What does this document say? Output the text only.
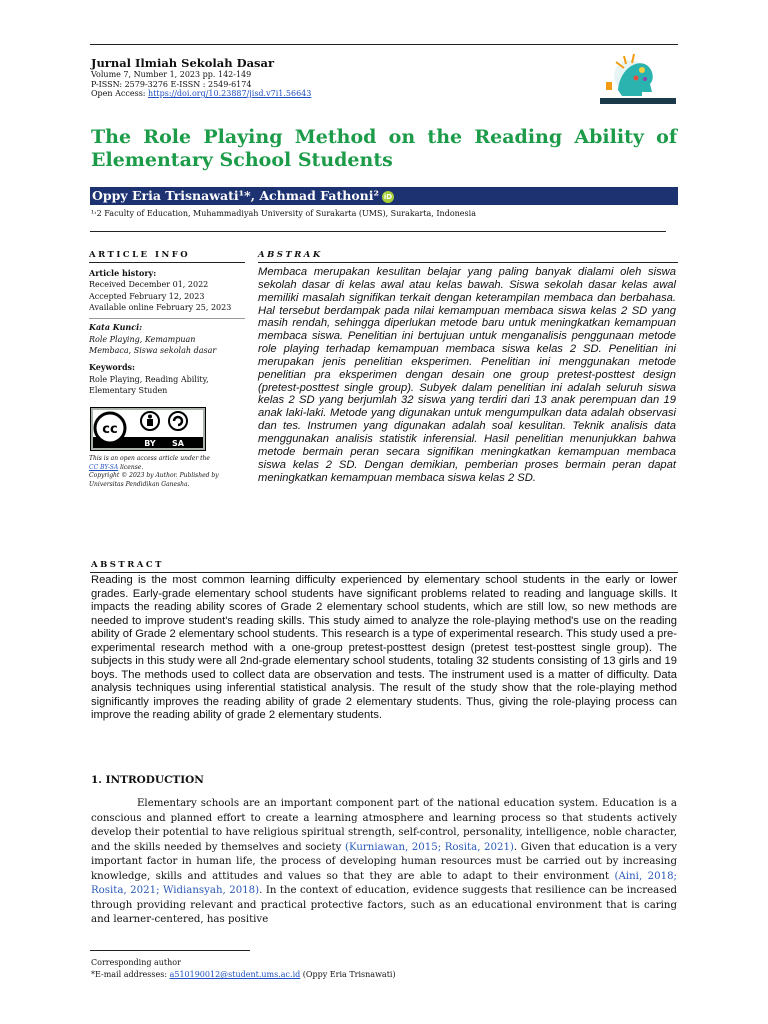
Jurnal Ilmiah Sekolah Dasar
Volume 7, Number 1, 2023 pp. 142-149
P-ISSN: 2579-3276 E-ISSN : 2549-6174
Open Access: https://doi.org/10.23887/jisd.v7i1.56643
The Role Playing Method on the Reading Ability of Elementary School Students
Oppy Eria Trisnawati¹*, Achmad Fathoni² iD
¹˒2 Faculty of Education, Muhammadiyah University of Surakarta (UMS), Surakarta, Indonesia
ARTICLE INFO
Article history:
Received December 01, 2022
Accepted February 12, 2023
Available online February 25, 2023
Kata Kunci:
Role Playing, Kemampuan
Membaca, Siswa sekolah dasar
Keywords:
Role Playing, Reading Ability,
Elementary Studen
cc
BY SA
This is an open access article under the
CC BY-SA license.
Copyright © 2023 by Author. Published by
Universitas Pendidikan Ganesha.
ABSTRAK
Membaca merupakan kesulitan belajar yang paling banyak dialami oleh siswa sekolah dasar di kelas awal atau kelas bawah. Siswa sekolah dasar kelas awal memiliki masalah signifikan terkait dengan keterampilan membaca dan berbahasa. Hal tersebut berdampak pada nilai kemampuan membaca siswa kelas 2 SD yang masih rendah, sehingga diperlukan metode baru untuk meningkatkan kemampuan membaca siswa. Penelitian ini bertujuan untuk menganalisis penggunaan metode role playing terhadap kemampuan membaca siswa kelas 2 SD. Penelitian ini merupakan jenis penelitian eksperimen. Penelitian ini menggunakan metode penelitian pra eksperimen dengan desain one group pretest-posttest design (pretest-posttest single group). Subyek dalam penelitian ini adalah seluruh siswa kelas 2 SD yang berjumlah 32 siswa yang terdiri dari 13 anak perempuan dan 19 anak laki-laki. Metode yang digunakan untuk mengumpulkan data adalah observasi dan tes. Instrumen yang digunakan adalah soal kesulitan. Teknik analisis data menggunakan analisis statistik inferensial. Hasil penelitian menunjukkan bahwa metode bermain peran secara signifikan meningkatkan kemampuan membaca siswa kelas 2 SD. Dengan demikian, pemberian proses bermain peran dapat meningkatkan kemampuan membaca siswa kelas 2 SD.
ABSTRACT
Reading is the most common learning difficulty experienced by elementary school students in the early or lower grades. Early-grade elementary school students have significant problems related to reading and language skills. It impacts the reading ability scores of Grade 2 elementary school students, which are still low, so new methods are needed to improve student's reading skills. This study aimed to analyze the role-playing method's use on the reading ability of Grade 2 elementary school students. This research is a type of experimental research. This study used a pre-experimental research method with a one-group pretest-posttest design (pretest test-posttest single group). The subjects in this study were all 2nd-grade elementary school students, totaling 32 students consisting of 13 girls and 19 boys. The methods used to collect data are observation and tests. The instrument used is a matter of difficulty. Data analysis techniques using inferential statistical analysis. The result of the study show that the role-playing method significantly improves the reading ability of grade 2 elementary students. Thus, giving the role-playing process can improve the reading ability of grade 2 elementary students.
1. INTRODUCTION
Elementary schools are an important component part of the national education system. Education is a conscious and planned effort to create a learning atmosphere and learning process so that students actively develop their potential to have religious spiritual strength, self-control, personality, intelligence, noble character, and the skills needed by themselves and society (Kurniawan, 2015; Rosita, 2021). Given that education is a very important factor in human life, the process of developing human resources must be carried out by increasing knowledge, skills and attitudes and values so that they are able to adapt to their environment (Aini, 2018; Rosita, 2021; Widiansyah, 2018). In the context of education, evidence suggests that resilience can be increased through providing relevant and practical protective factors, such as an educational environment that is caring and learner-centered, has positive
Corresponding author
*E-mail addresses: a510190012@student.ums.ac.id (Oppy Eria Trisnawati)
